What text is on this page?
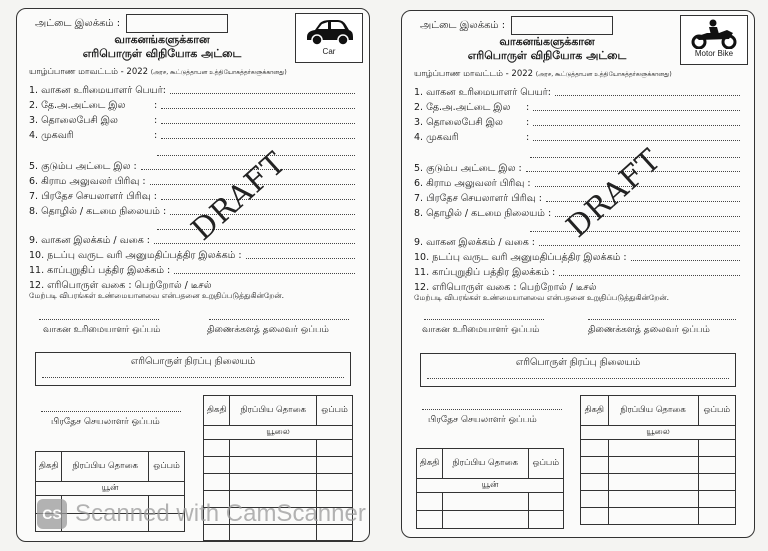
அட்டை இலக்கம் :
Car
வாகனங்களுக்கான
எரிபொருள் விநியோக அட்டை
யாழ்ப்பாண மாவட்டம் - 2022 (அரச, கூட்டுத்தாபன உத்தியோகத்தர்களுக்கானது)
1. வாகன உரிமையாளர் பெயர்:
2. தே.அ.அட்டை இல	:
3. தொலைபேசி இல	:
4. முகவரி	:
5. குடும்ப அட்டை இல :
6. கிராம அலுவலர் பிரிவு :
7. பிரதேச செயலாளர் பிரிவு :
8. தொழில் / கடமை நிலையம் :
9. வாகன இலக்கம் / வகை :
10. நடப்பு வருட வரி அனுமதிப்பத்திர இலக்கம் :
11. காப்புறுதிப் பத்திர இலக்கம் :
12. எரிபொருள் வகை : பெற்றோல் / டீசல்
மேற்படி விபரங்கள் உண்மையானவை என்பதனை உறுதிப்படுத்துகின்றேன்.
DRAFT
வாகன உரிமையாளர் ஒப்பம்	திணைக்களத் தலைவர் ஒப்பம்
எரிபொருள் நிரப்பு நிலையம்
பிரதேச செயலாளர் ஒப்பம்
திகதி	நிரப்பிய தொகை	ஒப்பம்
யூலை		

திகதி	நிரப்பிய தொகை	ஒப்பம்
யூன்		

CS Scanned with CamScanner
அட்டை இலக்கம் :
Motor Bike
வாகனங்களுக்கான
எரிபொருள் விநியோக அட்டை
யாழ்ப்பாண மாவட்டம் - 2022 (அரச, கூட்டுத்தாபன உத்தியோகத்தர்களுக்கானது)
1. வாகன உரிமையாளர் பெயர்:
2. தே.அ.அட்டை இல	:
3. தொலைபேசி இல	:
4. முகவரி	:
5. குடும்ப அட்டை இல :
6. கிராம அலுவலர் பிரிவு :
7. பிரதேச செயலாளர் பிரிவு :
8. தொழில் / கடமை நிலையம் :
9. வாகன இலக்கம் / வகை :
10. நடப்பு வருட வரி அனுமதிப்பத்திர இலக்கம் :
11. காப்புறுதிப் பத்திர இலக்கம் :
12. எரிபொருள் வகை : பெற்றோல் / டீசல்
மேற்படி விபரங்கள் உண்மையானவை என்பதனை உறுதிப்படுத்துகின்றேன்.
DRAFT
வாகன உரிமையாளர் ஒப்பம்	திணைக்களத் தலைவர் ஒப்பம்
எரிபொருள் நிரப்பு நிலையம்
பிரதேச செயலாளர் ஒப்பம்
திகதி	நிரப்பிய தொகை	ஒப்பம்
யூலை		

திகதி	நிரப்பிய தொகை	ஒப்பம்
யூன்		
